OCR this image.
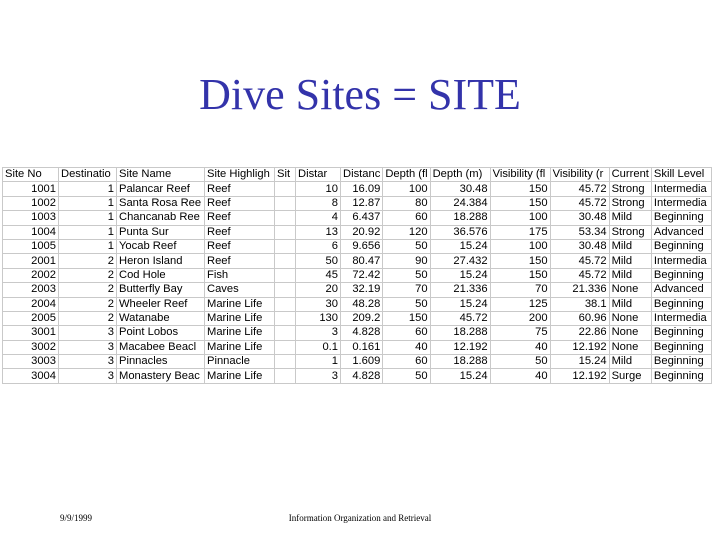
Dive Sites = SITE
Site No	Destinatio	Site Name	Site Highligh	Sit	Distar	Distanc	Depth (fl	Depth (m)	Visibility (fl	Visibility (r	Current	Skill Level
1001	1	Palancar Reef	Reef		10	16.09	100	30.48	150	45.72	Strong	Intermedia
1002	1	Santa Rosa Ree	Reef		8	12.87	80	24.384	150	45.72	Strong	Intermedia
1003	1	Chancanab Ree	Reef		4	6.437	60	18.288	100	30.48	Mild	Beginning
1004	1	Punta Sur	Reef		13	20.92	120	36.576	175	53.34	Strong	Advanced
1005	1	Yocab Reef	Reef		6	9.656	50	15.24	100	30.48	Mild	Beginning
2001	2	Heron Island	Reef		50	80.47	90	27.432	150	45.72	Mild	Intermedia
2002	2	Cod Hole	Fish		45	72.42	50	15.24	150	45.72	Mild	Beginning
2003	2	Butterfly Bay	Caves		20	32.19	70	21.336	70	21.336	None	Advanced
2004	2	Wheeler Reef	Marine Life		30	48.28	50	15.24	125	38.1	Mild	Beginning
2005	2	Watanabe	Marine Life		130	209.2	150	45.72	200	60.96	None	Intermedia
3001	3	Point Lobos	Marine Life		3	4.828	60	18.288	75	22.86	None	Beginning
3002	3	Macabee Beacl	Marine Life		0.1	0.161	40	12.192	40	12.192	None	Beginning
3003	3	Pinnacles	Pinnacle		1	1.609	60	18.288	50	15.24	Mild	Beginning
3004	3	Monastery Beac	Marine Life		3	4.828	50	15.24	40	12.192	Surge	Beginning
9/9/1999	Information Organization and Retrieval
